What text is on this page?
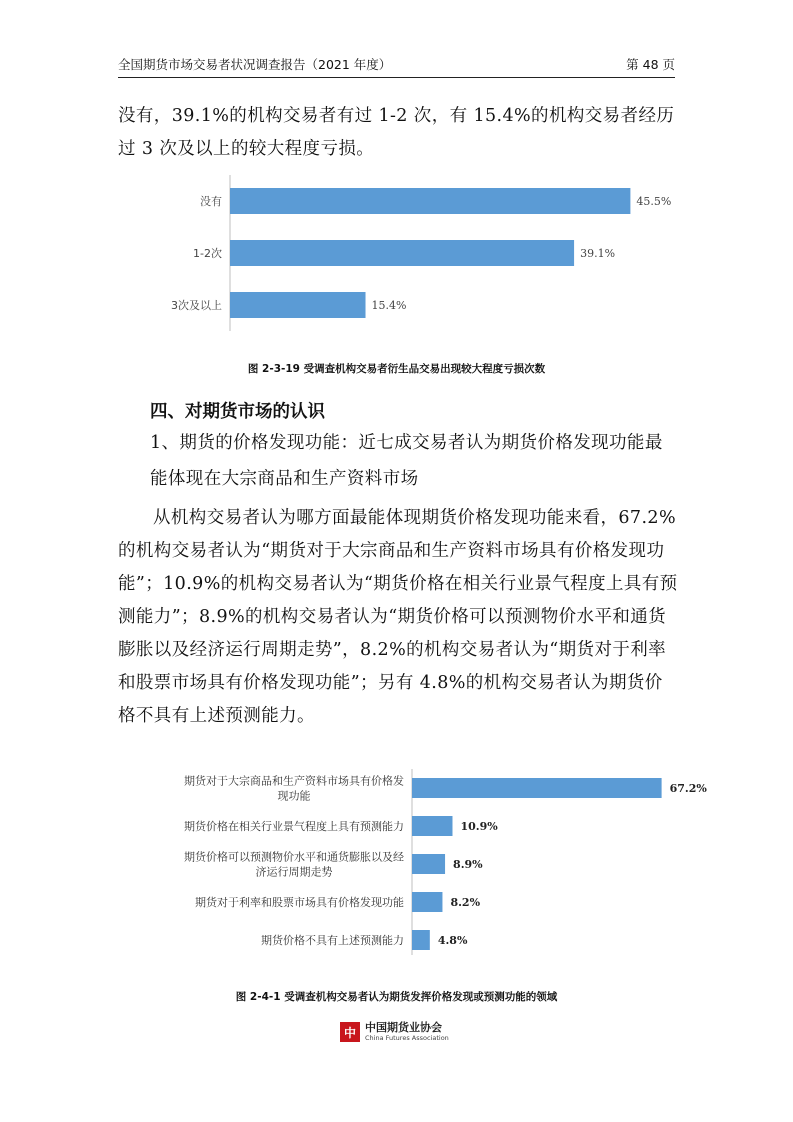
全国期货市场交易者状况调查报告（2021 年度）	第 48 页

没有，39.1%的机构交易者有过 1-2 次，有 15.4%的机构交易者经历过 3 次及以上的较大程度亏损。

没有	45.5%
1-2次	39.1%
3次及以上	15.4%
图 2-3-19 受调查机构交易者衍生品交易出现较大程度亏损次数
四、对期货市场的认识

1、期货的价格发现功能：近七成交易者认为期货价格发现功能最能体现在大宗商品和生产资料市场

从机构交易者认为哪方面最能体现期货价格发现功能来看，67.2%的机构交易者认为“期货对于大宗商品和生产资料市场具有价格发现功能”；10.9%的机构交易者认为“期货价格在相关行业景气程度上具有预测能力”；8.9%的机构交易者认为“期货价格可以预测物价水平和通货膨胀以及经济运行周期走势”，8.2%的机构交易者认为“期货对于利率和股票市场具有价格发现功能”；另有 4.8%的机构交易者认为期货价格不具有上述预测能力。

期货对于大宗商品和生产资料市场具有价格发现功能
67.2%
期货价格在相关行业景气程度上具有预测能力	10.9%
期货价格可以预测物价水平和通货膨胀以及经济运行周期走势
8.9%
期货对于利率和股票市场具有价格发现功能	8.2%
期货价格不具有上述预测能力	4.8%
图 2-4-1 受调查机构交易者认为期货发挥价格发现或预测功能的领域
中 中国期货业协会
China Futures Association
